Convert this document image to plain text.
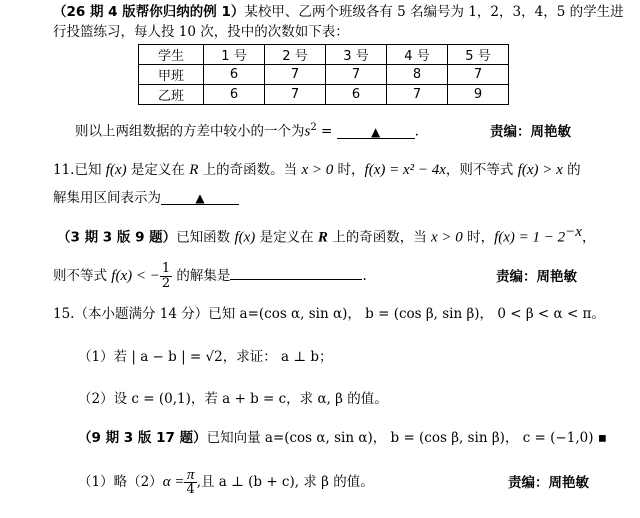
（26 期 4 版帮你归纳的例 1）某校甲、乙两个班级各有 5 名编号为 1，2，3，4，5 的学生进
行投篮练习，每人投 10 次，投中的次数如下表：
学生	1 号	2 号	3 号	4 号	5 号
甲班	6	7	7	8	7
乙班	6	7	6	7	9
则以上两组数据的方差中较小的一个为$s^2$ =	▲	.	责编：周艳敏
11.已知 f(x) 是定义在 R 上的奇函数。当 x > 0 时，f(x) = x² − 4x，则不等式 f(x) > x 的
解集用区间表示为	▲
（3 期 3 版 9 题）已知函数 f(x) 是定义在 R 上的奇函数，当 x > 0 时，$f(x) = 1 - 2^{-x}$，
则不等式 f(x) < − $\frac{1}{2}$ 的解集是	.	责编：周艳敏
15.（本小题满分 14 分）已知 a=(cos α, sin α)， b = (cos β, sin β)， 0 < β < α < π。
（1）若 | a − b | = √2，求证： a ⊥ b；
（2）设 c = (0,1)，若 a + b = c，求 α, β 的值。
（9 期 3 版 17 题）已知向量 a=(cos α, sin α)， b = (cos β, sin β)， c = (−1,0) ▪
（1）略$(2)\alpha = \frac{\pi}{4}$ ,且 a ⊥ (b + c), 求 β 的值。	责编：周艳敏
